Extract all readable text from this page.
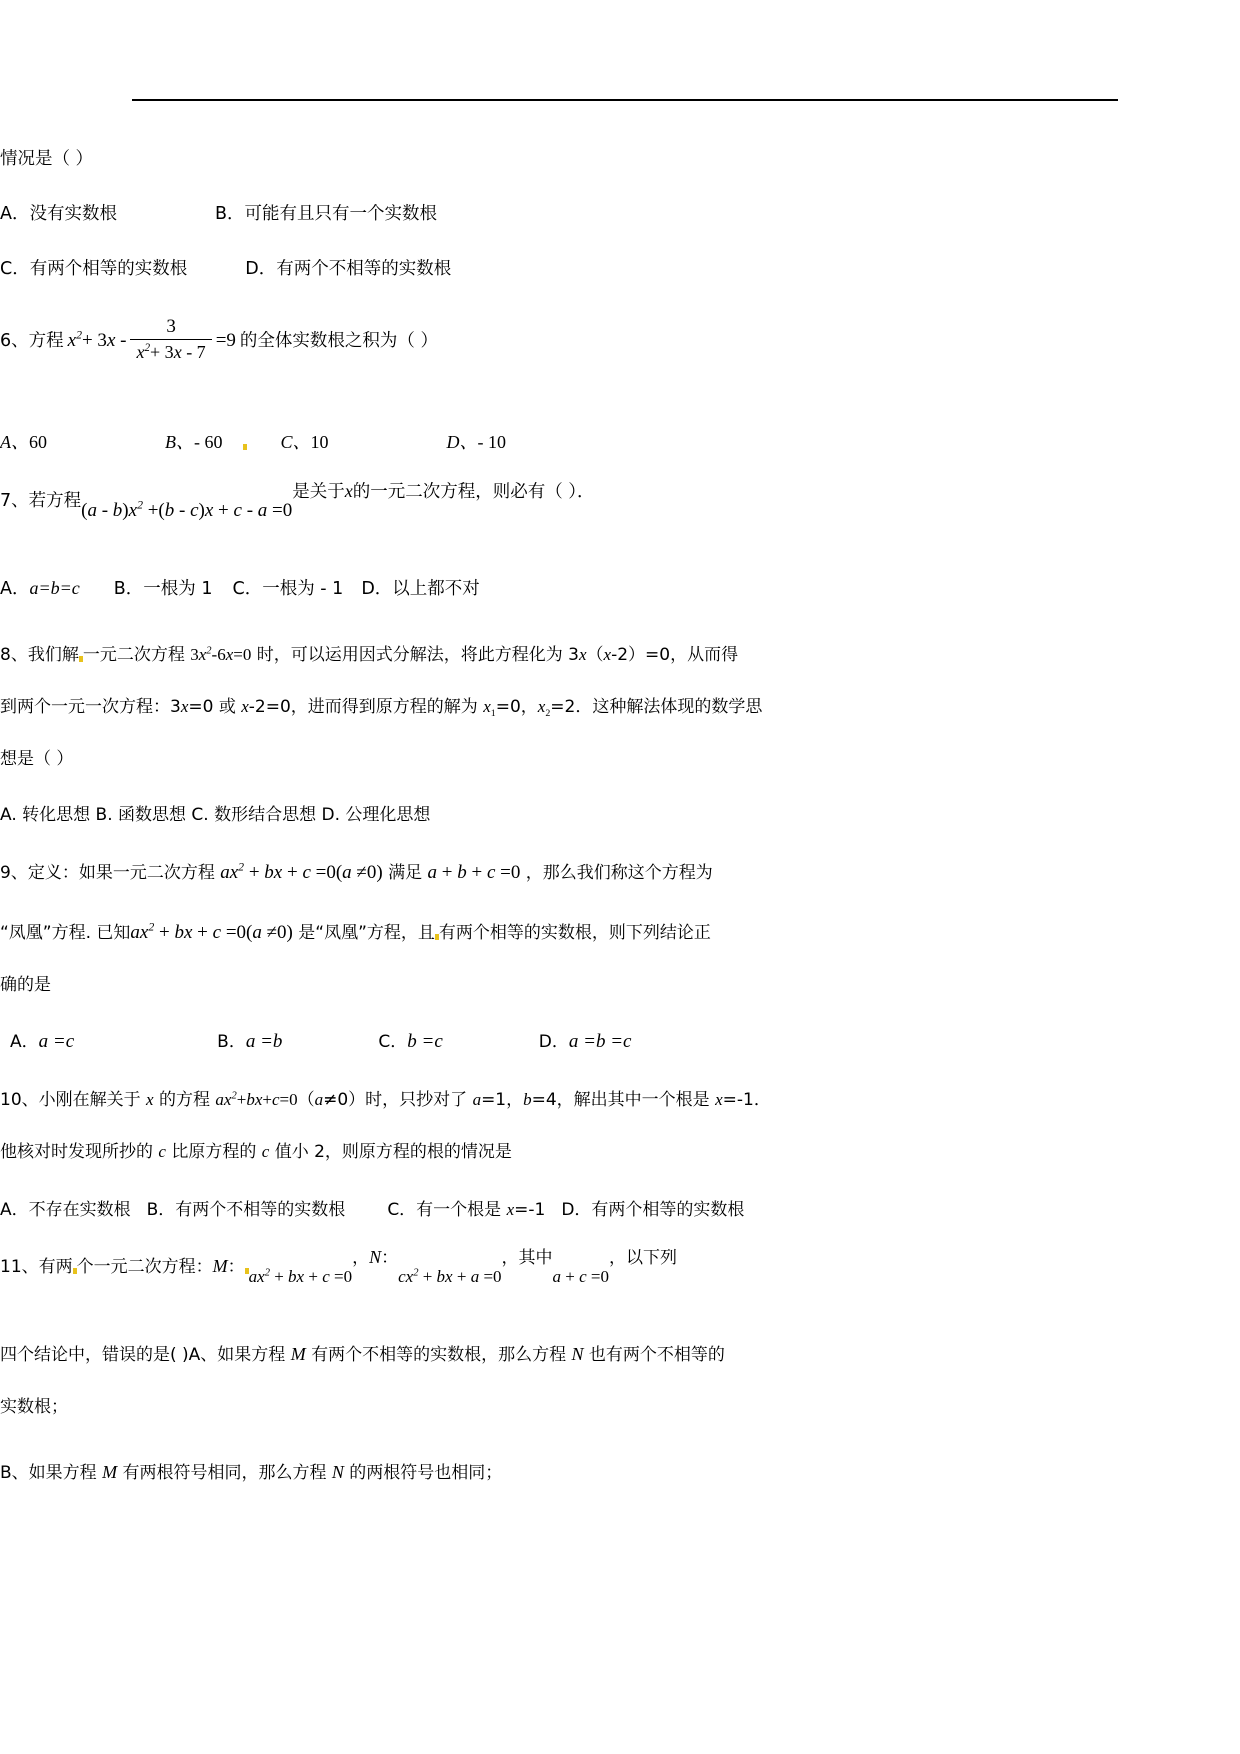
情况是（ ）
A．没有实数根	B．可能有且只有一个实数根
C．有两个相等的实数根	D．有两个不相等的实数根
6、方程 $x^2+ 3x - \frac{3}{x^2+ 3x - 7} =9$ 的全体实数根之积为（ ）
A、60	B、- 60	C、10	D、- 10
7、若方程$(a - b)x^2 +(b - c)x + c - a =0$是关于x的一元二次方程，则必有（ ）．
A．a=b=c B．一根为 1 C．一根为 - 1 D．以上都不对
8、我们解 一元二次方程 $3x^2-6x=0$ 时，可以运用因式分解法，将此方程化为 3x（x-2）=0，从而得
到两个一元一次方程：3x=0 或 x-2=0，进而得到原方程的解为 $x_1=0$，$x_2=2$．这种解法体现的数学思
想是（ ）
A. 转化思想 B. 函数思想 C. 数形结合思想 D. 公理化思想
9、定义：如果一元二次方程 $ax^2$ + bx + c =0(a ≠0) 满足 a + b + c =0 ，那么我们称这个方程为
“凤凰”方程. 已知$ax^2$ + bx + c =0(a ≠0) 是“凤凰”方程，且 有两个相等的实数根，则下列结论正
确的是
A．a =c	B．a =b	C．b =c	D．a =b =c
10、小刚在解关于 x 的方程 $ax^2+bx+c=0(a\ne 0)$时，只抄对了 a=1，b=4，解出其中一个根是 x=-1．
他核对时发现所抄的 c 比原方程的 c 值小 2，则原方程的根的情况是
A．不存在实数根 B．有两个不相等的实数根 C．有一个根是 x=-1 D．有两个相等的实数根
11、有两 个一元二次方程：M： $ax^2$ + bx + c =0，N：$cx^2$ + bx + a =0，其中a + c =0，以下列
四个结论中，错误的是( )A、如果方程 M 有两个不相等的实数根，那么方程 N 也有两个不相等的
实数根；
B、如果方程 M 有两根符号相同，那么方程 N 的两根符号也相同；
